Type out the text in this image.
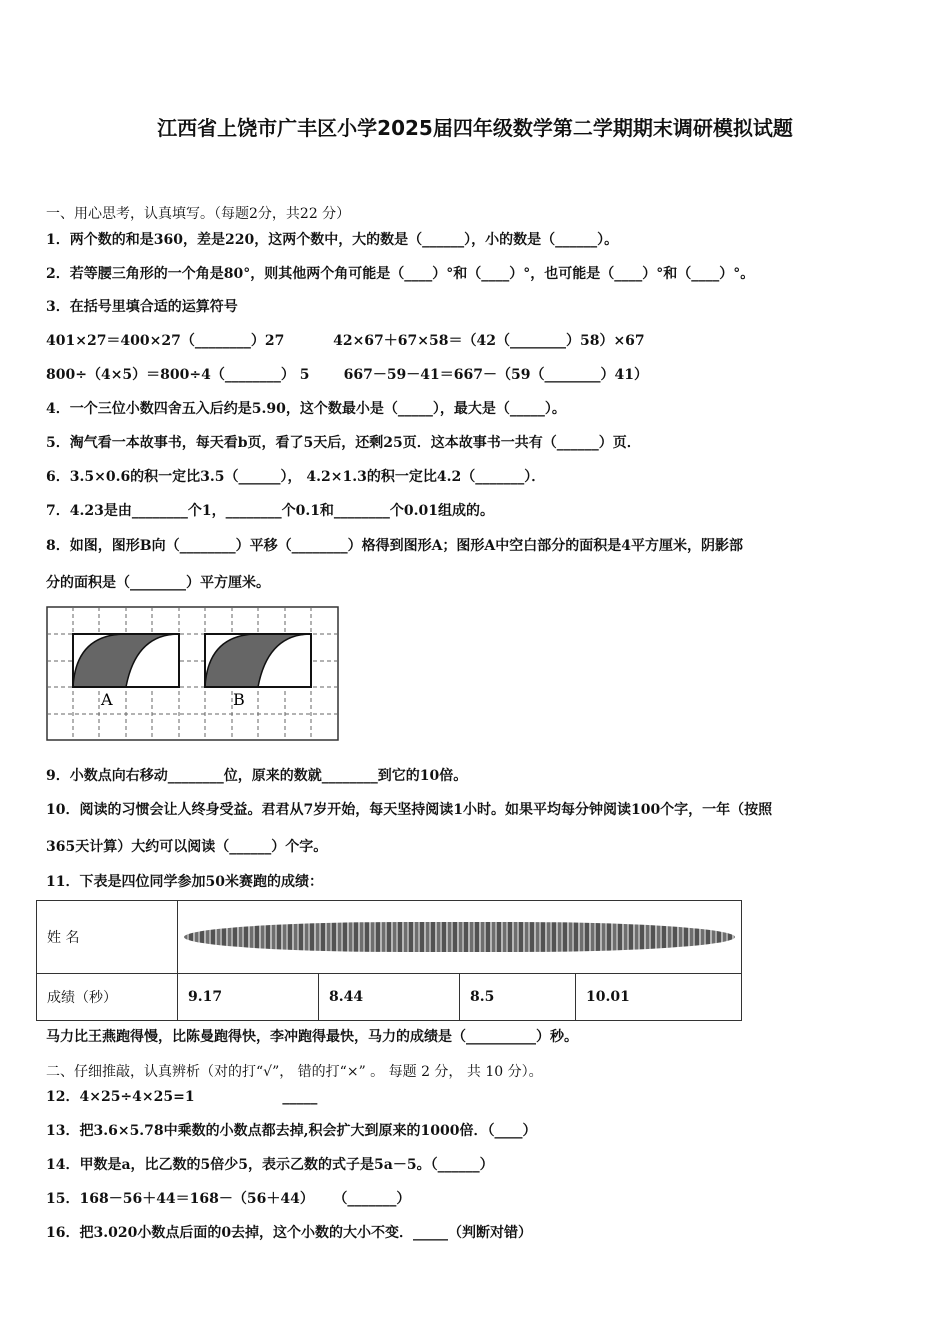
江西省上饶市广丰区小学2025届四年级数学第二学期期末调研模拟试题
一、用心思考，认真填写。（每题2分，共22 分）
1．两个数的和是360，差是220，这两个数中，大的数是（______），小的数是（______）。
2．若等腰三角形的一个角是80°，则其他两个角可能是（____）°和（____）°，也可能是（____）°和（____）°。
3．在括号里填合适的运算符号
401×27＝400×27（________）27          42×67＋67×58＝（42（________）58）×67
800÷（4×5）＝800÷4（________） 5       667－59－41＝667－（59（________）41）
4．一个三位小数四舍五入后约是5.90，这个数最小是（_____），最大是（_____）。
5．淘气看一本故事书，每天看b页，看了5天后，还剩25页．这本故事书一共有（______）页．
6．3.5×0.6的积一定比3.5（______）， 4.2×1.3的积一定比4.2（_______）．
7．4.23是由________个1，________个0.1和________个0.01组成的。
8．如图，图形B向（________）平移（________）格得到图形A；图形A中空白部分的面积是4平方厘米，阴影部
分的面积是（________）平方厘米。
A	B
9．小数点向右移动________位，原来的数就________到它的10倍。
10．阅读的习惯会让人终身受益。君君从7岁开始，每天坚持阅读1小时。如果平均每分钟阅读100个字，一年（按照
365天计算）大约可以阅读（______）个字。
11．下表是四位同学参加50米赛跑的成绩：
姓 名				

成绩（秒）	9.17	8.44	8.5	10.01
马力比王燕跑得慢，比陈曼跑得快，李冲跑得最快，马力的成绩是（__________）秒。
二、仔细推敲，认真辨析（对的打“√”， 错的打“×” 。 每题 2 分， 共 10 分）。
12．4×25÷4×25=1                  _____
13．把3.6×5.78中乘数的小数点都去掉,积会扩大到原来的1000倍．（____）
14．甲数是a，比乙数的5倍少5，表示乙数的式子是5a－5。（______）
15．168－56＋44＝168－（56＋44）    （_______）
16．把3.020小数点后面的0去掉，这个小数的大小不变．_____（判断对错）
